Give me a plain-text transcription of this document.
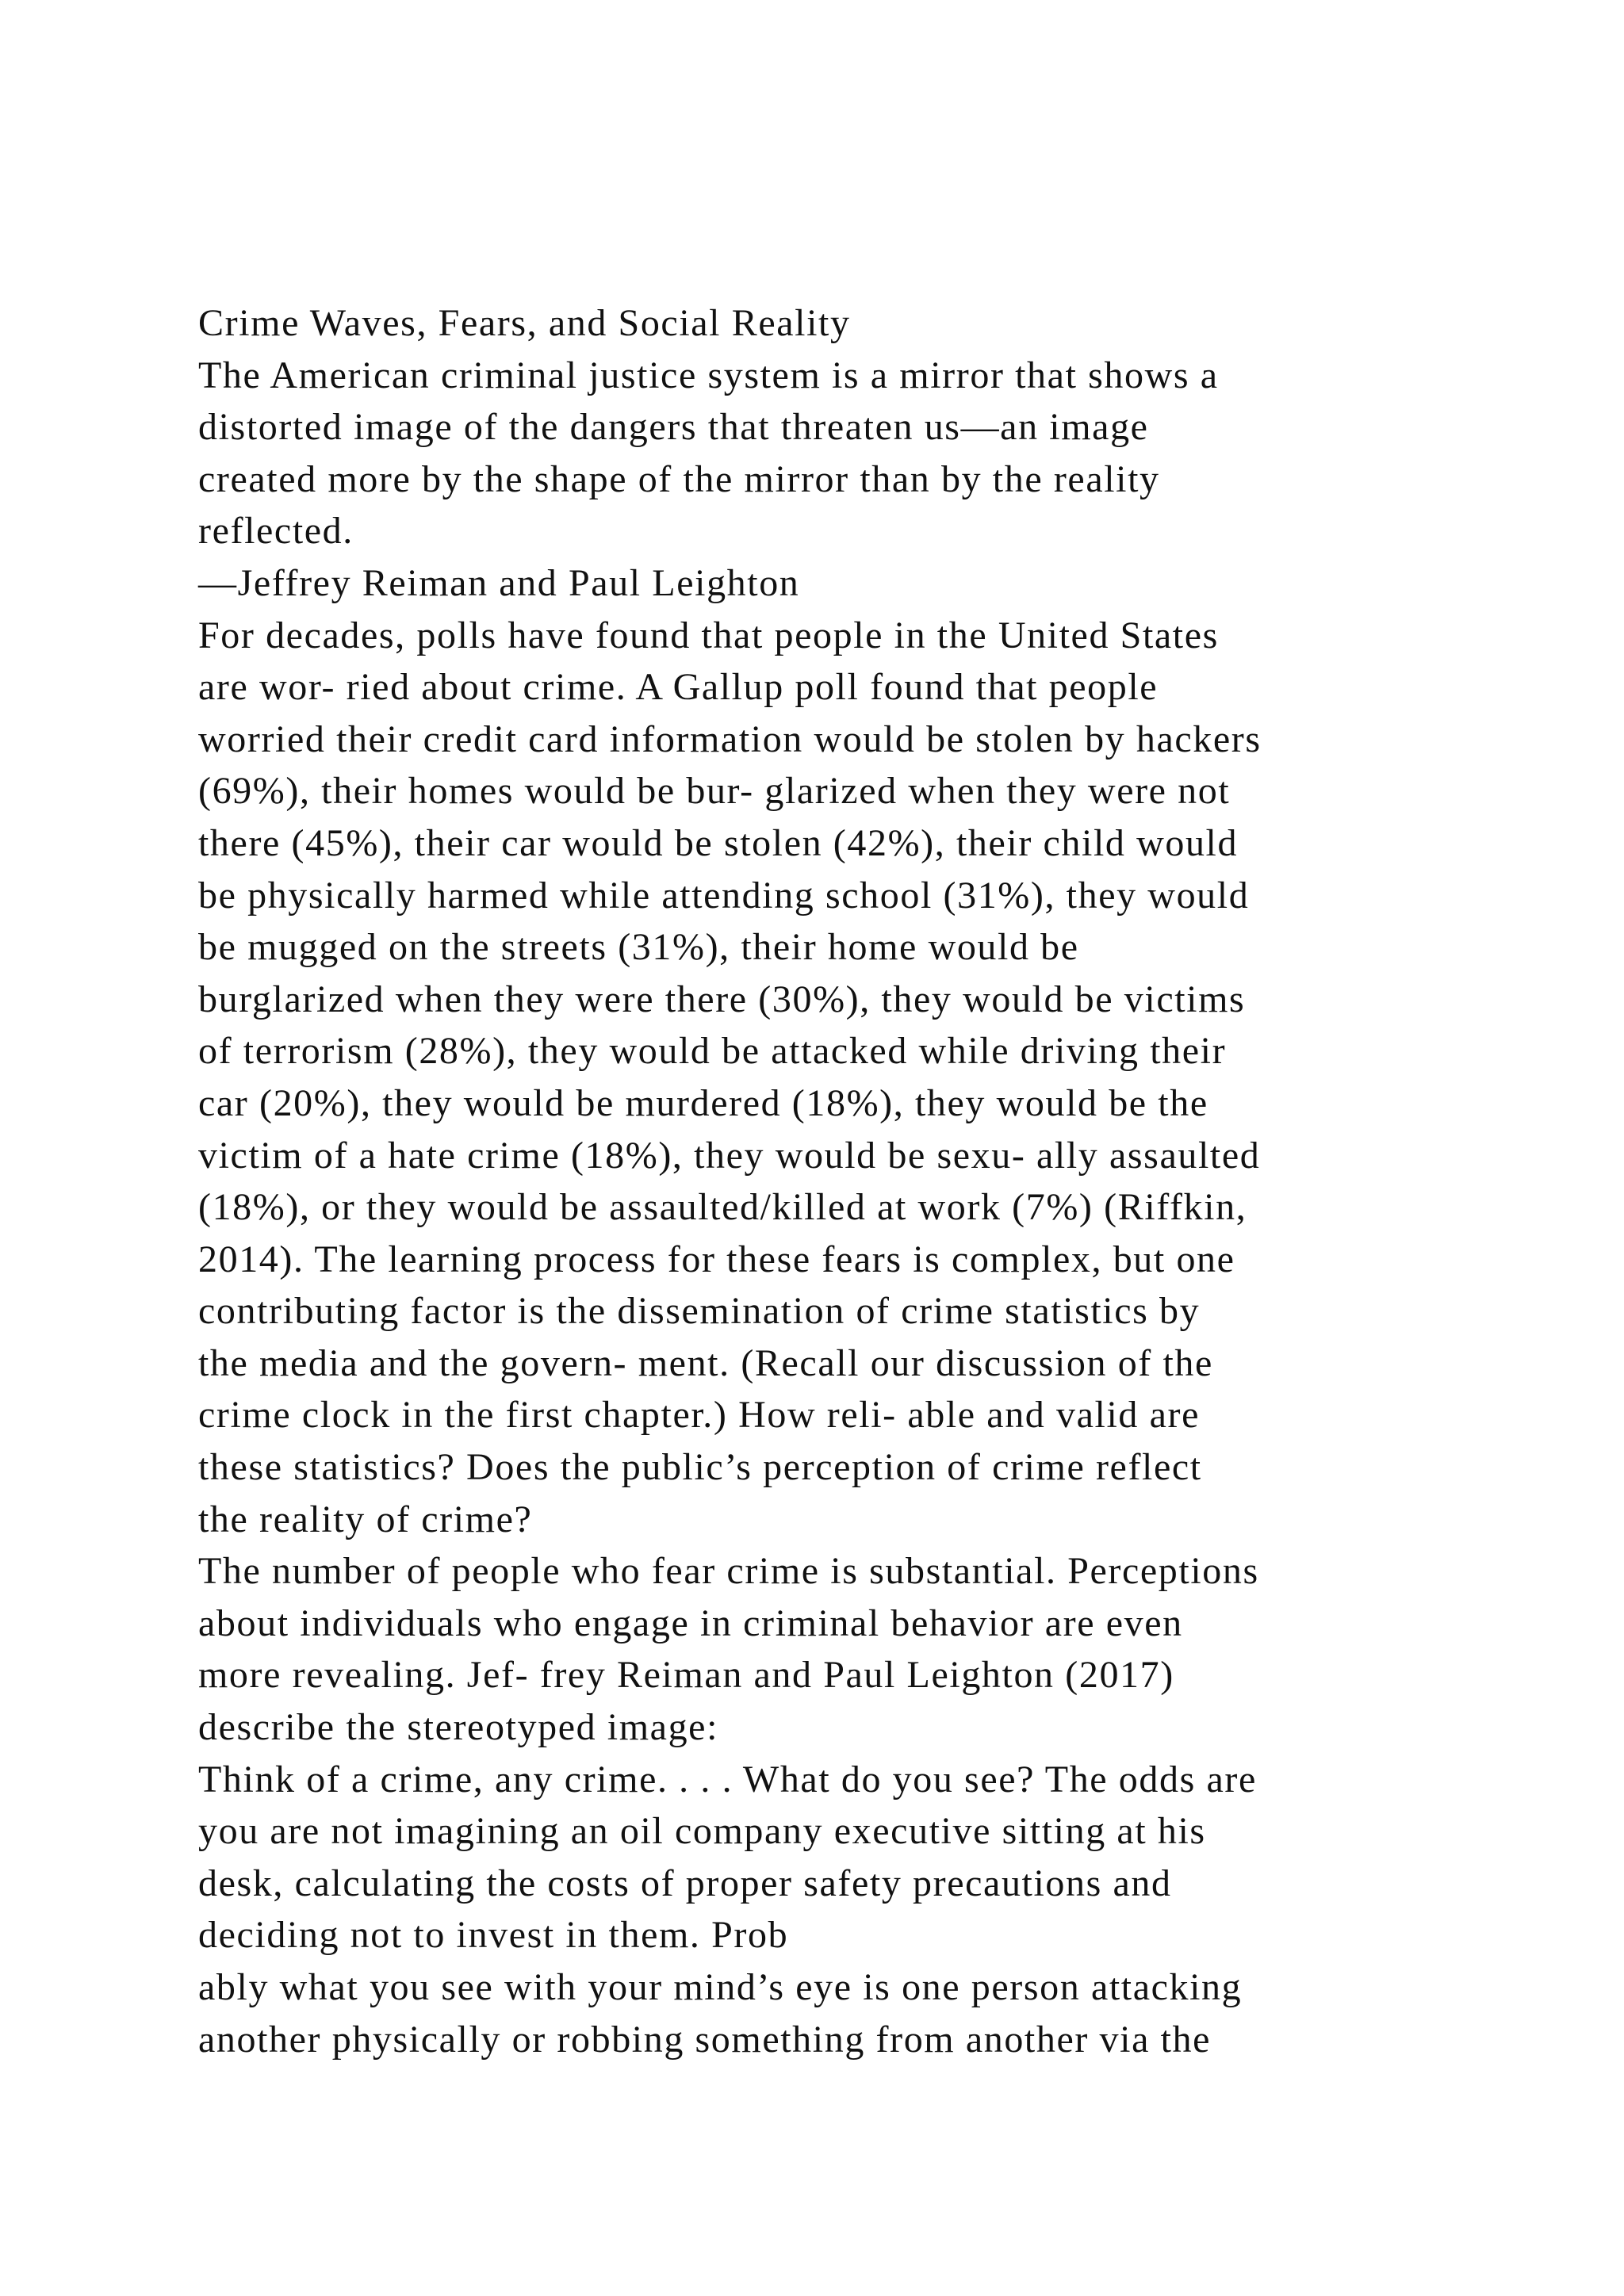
Crime Waves, Fears, and Social Reality
The American criminal justice system is a mirror that shows a
distorted image of the dangers that threaten us—an image
created more by the shape of the mirror than by the reality
reflected.
—Jeffrey Reiman and Paul Leighton
For decades, polls have found that people in the United States
are wor- ried about crime. A Gallup poll found that people
worried their credit card information would be stolen by hackers
(69%), their homes would be bur- glarized when they were not
there (45%), their car would be stolen (42%), their child would
be physically harmed while attending school (31%), they would
be mugged on the streets (31%), their home would be
burglarized when they were there (30%), they would be victims
of terrorism (28%), they would be attacked while driving their
car (20%), they would be murdered (18%), they would be the
victim of a hate crime (18%), they would be sexu- ally assaulted
(18%), or they would be assaulted/killed at work (7%) (Riffkin,
2014). The learning process for these fears is complex, but one
contributing factor is the dissemination of crime statistics by
the media and the govern- ment. (Recall our discussion of the
crime clock in the first chapter.) How reli- able and valid are
these statistics? Does the public’s perception of crime reflect
the reality of crime?
The number of people who fear crime is substantial. Perceptions
about individuals who engage in criminal behavior are even
more revealing. Jef- frey Reiman and Paul Leighton (2017)
describe the stereotyped image:
Think of a crime, any crime. . . . What do you see? The odds are
you are not imagining an oil company executive sitting at his
desk, calculating the costs of proper safety precautions and
deciding not to invest in them. Prob
ably what you see with your mind’s eye is one person attacking
another physically or robbing something from another via the
